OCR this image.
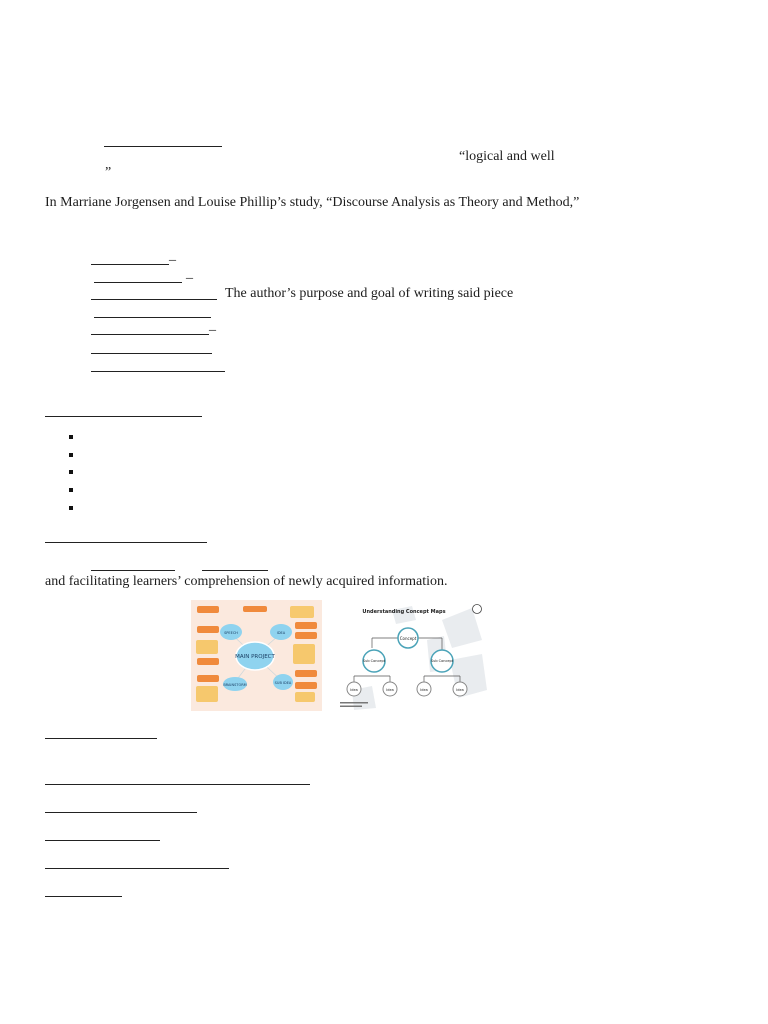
“logical and well
”
In Marriane Jorgensen and Louise Phillip’s study, “Discourse Analysis as Theory and Method,”
_
_
The author’s purpose and goal of writing said piece
_
and facilitating learners’ comprehension of newly acquired information.
MAIN PROJECT
SPEECH	IDEA
BRAINSTORM	SUB IDEA
Understanding Concept Maps
Concept
Sub Concept	Sub Concept
Idea	Idea	Idea	Idea
